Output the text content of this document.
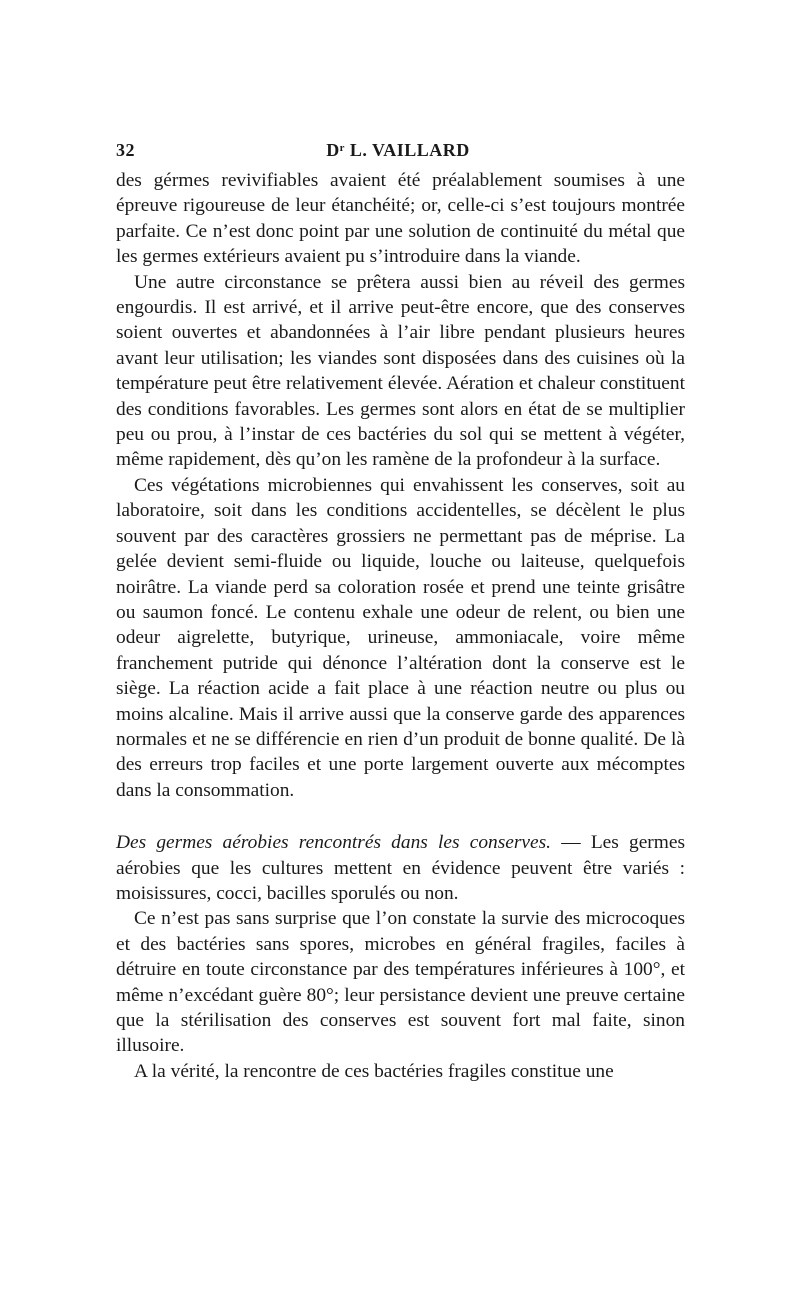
32	Dʳ L. VAILLARD

des gérmes revivifiables avaient été préalablement soumises à une épreuve rigoureuse de leur étanchéité; or, celle-ci s’est toujours montrée parfaite. Ce n’est donc point par une solution de continuité du métal que les germes extérieurs avaient pu s’introduire dans la viande.

Une autre circonstance se prêtera aussi bien au réveil des germes engourdis. Il est arrivé, et il arrive peut-être encore, que des conserves soient ouvertes et abandonnées à l’air libre pendant plusieurs heures avant leur utilisation; les viandes sont disposées dans des cuisines où la température peut être relativement élevée. Aération et chaleur constituent des conditions favorables. Les germes sont alors en état de se multiplier peu ou prou, à l’instar de ces bactéries du sol qui se mettent à végéter, même rapidement, dès qu’on les ramène de la profondeur à la surface.

Ces végétations microbiennes qui envahissent les conserves, soit au laboratoire, soit dans les conditions accidentelles, se décèlent le plus souvent par des caractères grossiers ne permettant pas de méprise. La gelée devient semi-fluide ou liquide, louche ou laiteuse, quelquefois noirâtre. La viande perd sa coloration rosée et prend une teinte grisâtre ou saumon foncé. Le contenu exhale une odeur de relent, ou bien une odeur aigrelette, butyrique, urineuse, ammoniacale, voire même franchement putride qui dénonce l’altération dont la conserve est le siège. La réaction acide a fait place à une réaction neutre ou plus ou moins alcaline. Mais il arrive aussi que la conserve garde des apparences normales et ne se différencie en rien d’un produit de bonne qualité. De là des erreurs trop faciles et une porte largement ouverte aux mécomptes dans la consommation.

Des germes aérobies rencontrés dans les conserves. — Les germes aérobies que les cultures mettent en évidence peuvent être variés : moisissures, cocci, bacilles sporulés ou non.

Ce n’est pas sans surprise que l’on constate la survie des microcoques et des bactéries sans spores, microbes en général fragiles, faciles à détruire en toute circonstance par des températures inférieures à 100°, et même n’excédant guère 80°; leur persistance devient une preuve certaine que la stérilisation des conserves est souvent fort mal faite, sinon illusoire.

A la vérité, la rencontre de ces bactéries fragiles constitue une
